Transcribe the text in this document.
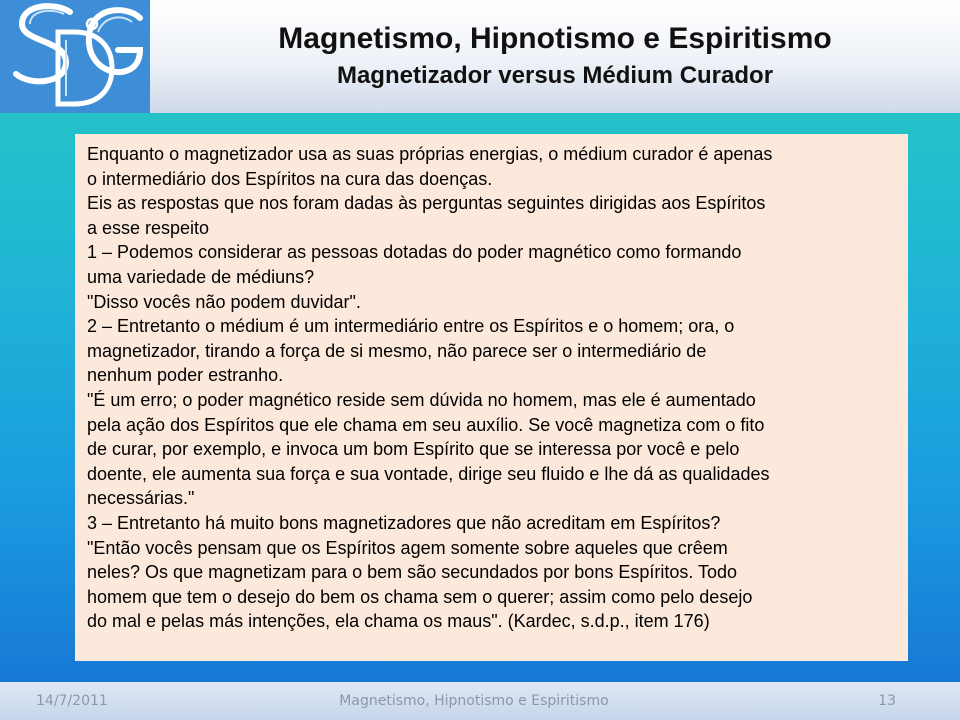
Magnetismo, Hipnotismo e Espiritismo
Magnetizador versus Médium Curador

Enquanto o magnetizador usa as suas próprias energias, o médium curador é apenas

o intermediário dos Espíritos na cura das doenças.

Eis as respostas que nos foram dadas às perguntas seguintes dirigidas aos Espíritos

a esse respeito

1 – Podemos considerar as pessoas dotadas do poder magnético como formando

uma variedade de médiuns?

"Disso vocês não podem duvidar".

2 – Entretanto o médium é um intermediário entre os Espíritos e o homem; ora, o

magnetizador, tirando a força de si mesmo, não parece ser o intermediário de

nenhum poder estranho.

"É um erro; o poder magnético reside sem dúvida no homem, mas ele é aumentado

pela ação dos Espíritos que ele chama em seu auxílio. Se você magnetiza com o fito

de curar, por exemplo, e invoca um bom Espírito que se interessa por você e pelo

doente, ele aumenta sua força e sua vontade, dirige seu fluido e lhe dá as qualidades

necessárias."

3 – Entretanto há muito bons magnetizadores que não acreditam em Espíritos?

"Então vocês pensam que os Espíritos agem somente sobre aqueles que crêem

neles? Os que magnetizam para o bem são secundados por bons Espíritos. Todo

homem que tem o desejo do bem os chama sem o querer; assim como pelo desejo

do mal e pelas más intenções, ela chama os maus". (Kardec, s.d.p., item 176)

14/7/2011	Magnetismo, Hipnotismo e Espiritismo	13
